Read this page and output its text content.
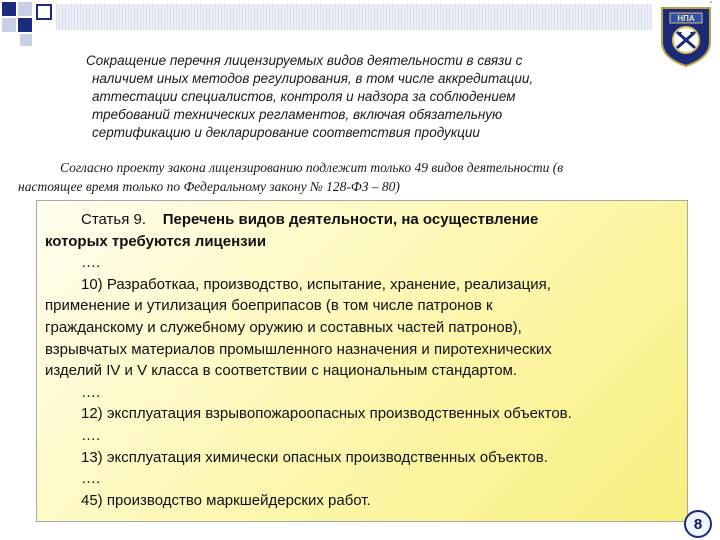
'
НПА
Сокращение перечня лицензируемых видов деятельности в связи с
наличием иных методов регулирования, в том числе аккредитации,
аттестации специалистов, контроля и надзора за соблюдением
требований технических регламентов, включая обязательную
сертификацию и декларирование соответствия продукции
Согласно проекту закона лицензированию подлежит только 49 видов деятельности (в
настоящее время только по Федеральному закону № 128-ФЗ – 80)

Статья 9. Перечень видов деятельности, на осуществление

которых требуются лицензии

….

10) Разработкаа, производство, испытание, хранение, реализация,

применение и утилизация боеприпасов (в том числе патронов к

гражданскому и служебному оружию и составных частей патронов),

взрывчатых материалов промышленного назначения и пиротехнических

изделий IV и V класса в соответствии с национальным стандартом.

….

12) эксплуатация взрывопожароопасных производственных объектов.

….

13) эксплуатация химически опасных производственных объектов.

….

45) производство маркшейдерских работ.

8
